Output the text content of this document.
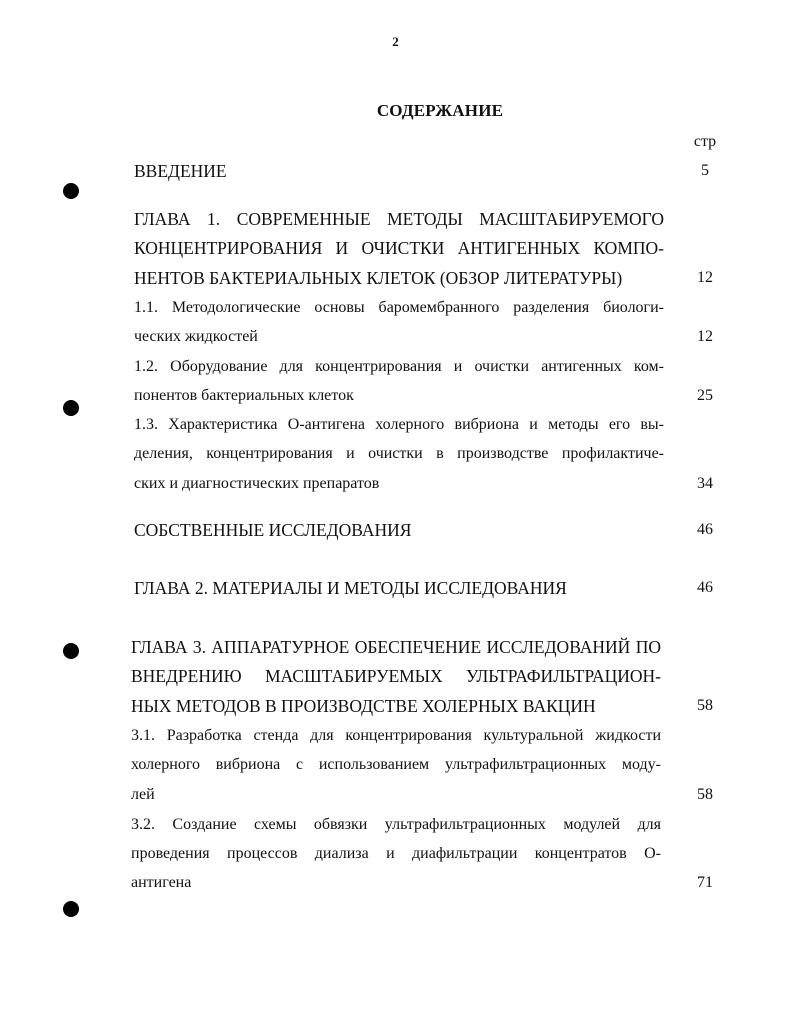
2
СОДЕРЖАНИЕ
стр
ВВЕДЕНИЕ	5
ГЛАВА 1. СОВРЕМЕННЫЕ МЕТОДЫ МАСШТАБИРУЕМОГО
КОНЦЕНТРИРОВАНИЯ И ОЧИСТКИ АНТИГЕННЫХ КОМПО-
НЕНТОВ БАКТЕРИАЛЬНЫХ КЛЕТОК (ОБЗОР ЛИТЕРАТУРЫ)	12
1.1. Методологические основы баромембранного разделения биологи-
ческих жидкостей	12
1.2. Оборудование для концентрирования и очистки антигенных ком-
понентов бактериальных клеток	25
1.3. Характеристика О-антигена холерного вибриона и методы его вы-
деления, концентрирования и очистки в производстве профилактиче-
ских и диагностических препаратов	34
СОБСТВЕННЫЕ ИССЛЕДОВАНИЯ	46
ГЛАВА 2. МАТЕРИАЛЫ И МЕТОДЫ ИССЛЕДОВАНИЯ	46
ГЛАВА 3. АППАРАТУРНОЕ ОБЕСПЕЧЕНИЕ ИССЛЕДОВАНИЙ ПО
ВНЕДРЕНИЮ МАСШТАБИРУЕМЫХ УЛЬТРАФИЛЬТРАЦИОН-
НЫХ МЕТОДОВ В ПРОИЗВОДСТВЕ ХОЛЕРНЫХ ВАКЦИН	58
3.1. Разработка стенда для концентрирования культуральной жидкости
холерного вибриона с использованием ультрафильтрационных моду-
лей	58
3.2. Создание схемы обвязки ультрафильтрационных модулей для
проведения процессов диализа и диафильтрации концентратов О-
антигена	71
